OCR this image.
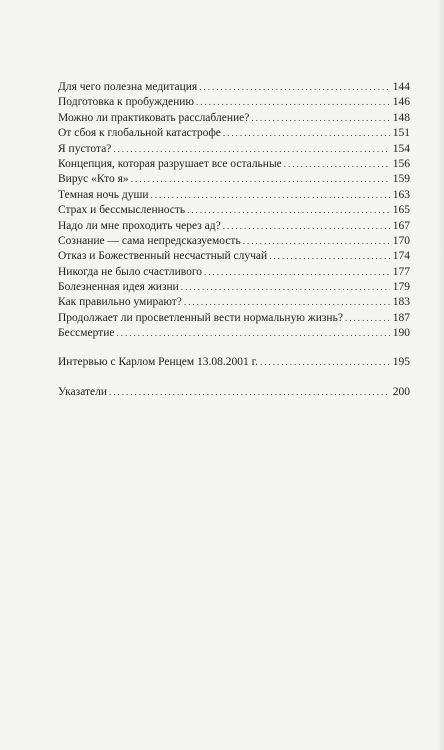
Для чего полезна медитация .....	144
Подготовка к пробуждению .....	146
Можно ли практиковать расслабление? .....	148
От сбоя к глобальной катастрофе .....	151
Я пустота? .....	154
Концепция, которая разрушает все остальные .....	156
Вирус «Кто я» .....	159
Темная ночь души .....	163
Страх и бессмысленность .....	165
Надо ли мне проходить через ад? .....	167
Сознание — сама непредсказуемость .....	170
Отказ и Божественный несчастный случай .....	174
Никогда не было счастливого .....	177
Болезненная идея жизни .....	179
Как правильно умирают? .....	183
Продолжает ли просветленный вести нормальную жизнь? .....	187
Бессмертие .....	190
Интервью с Карлом Ренцем 13.08.2001 г. .....	195
Указатели .....	200
